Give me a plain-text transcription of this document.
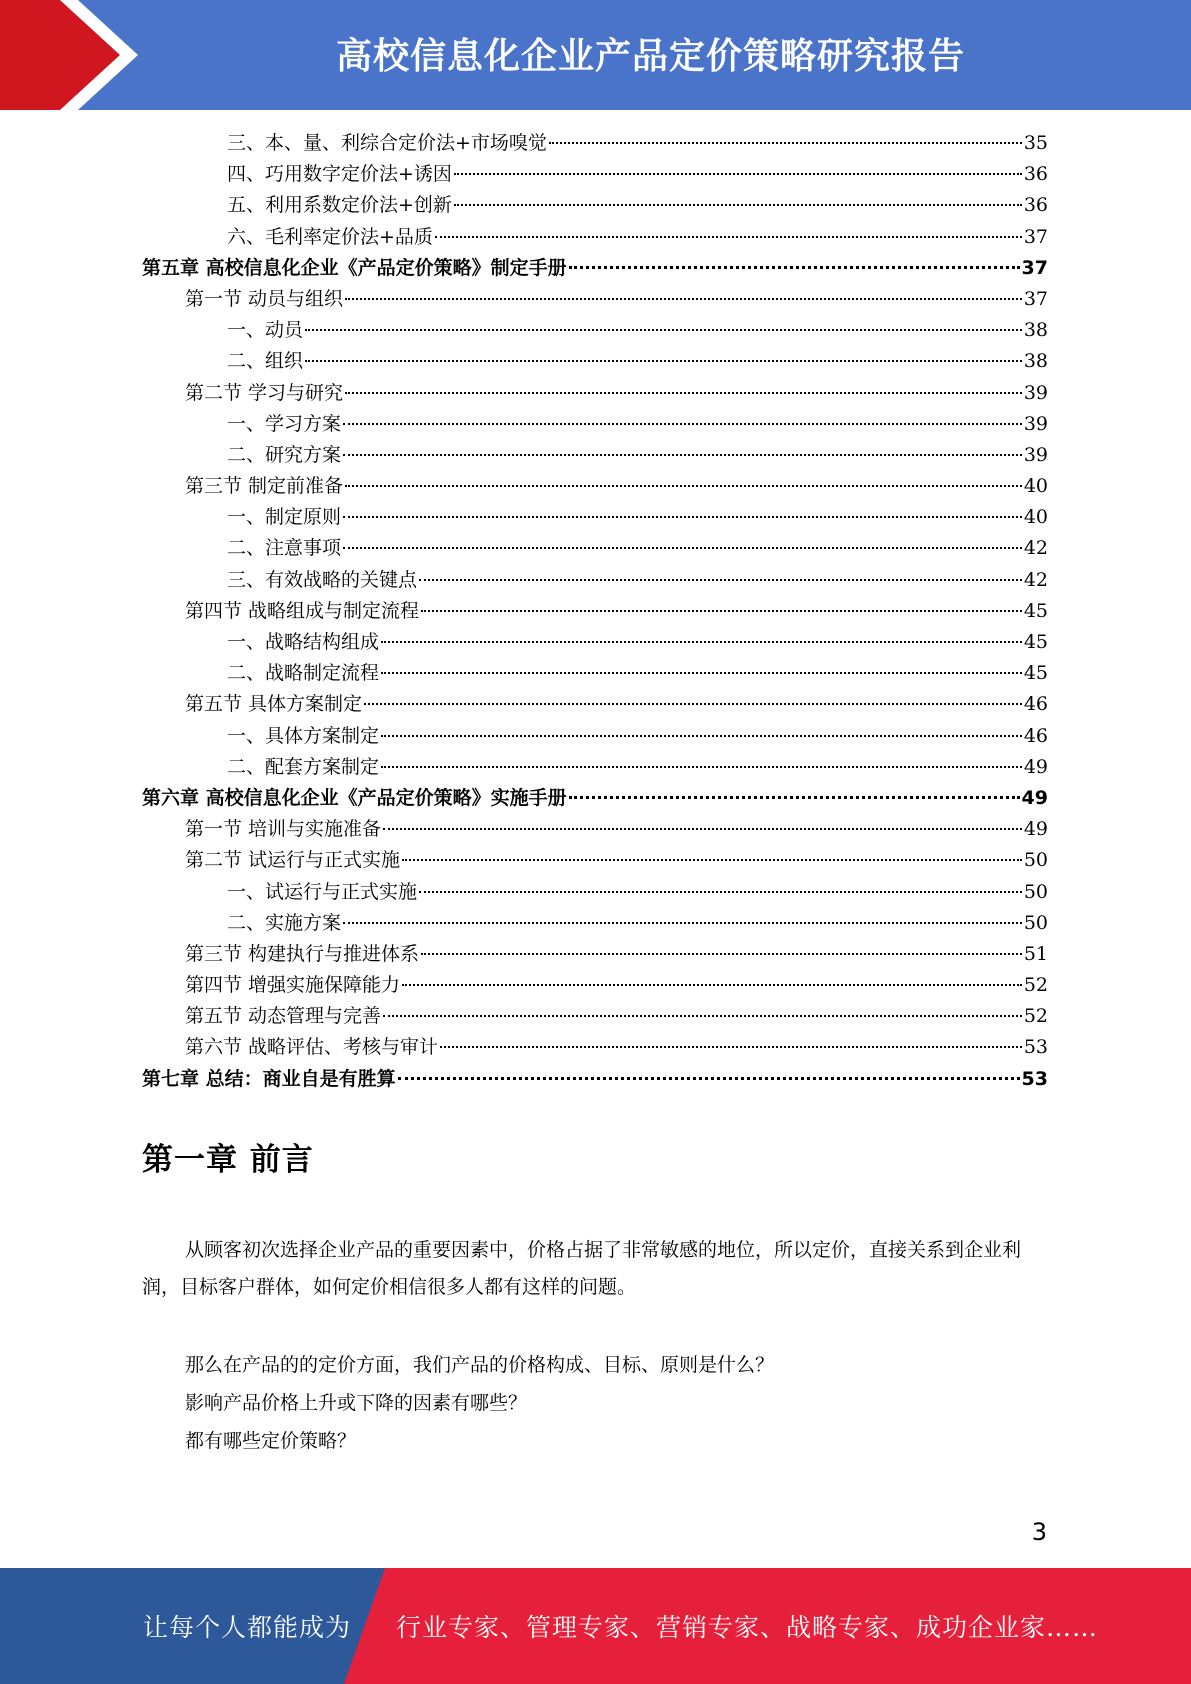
高校信息化企业产品定价策略研究报告
三、本、量、利综合定价法+市场嗅觉	35
四、巧用数字定价法+诱因	36
五、利用系数定价法+创新	36
六、毛利率定价法+品质	37
第五章 高校信息化企业《产品定价策略》制定手册	37
第一节 动员与组织	37
一、动员	38
二、组织	38
第二节 学习与研究	39
一、学习方案	39
二、研究方案	39
第三节 制定前准备	40
一、制定原则	40
二、注意事项	42
三、有效战略的关键点	42
第四节 战略组成与制定流程	45
一、战略结构组成	45
二、战略制定流程	45
第五节 具体方案制定	46
一、具体方案制定	46
二、配套方案制定	49
第六章 高校信息化企业《产品定价策略》实施手册	49
第一节 培训与实施准备	49
第二节 试运行与正式实施	50
一、试运行与正式实施	50
二、实施方案	50
第三节 构建执行与推进体系	51
第四节 增强实施保障能力	52
第五节 动态管理与完善	52
第六节 战略评估、考核与审计	53
第七章 总结：商业自是有胜算	53
第一章 前言
从顾客初次选择企业产品的重要因素中，价格占据了非常敏感的地位，所以定价，直接关系到企业利润，目标客户群体，如何定价相信很多人都有这样的问题。
那么在产品的的定价方面，我们产品的价格构成、目标、原则是什么？
影响产品价格上升或下降的因素有哪些？
都有哪些定价策略？
3
让每个人都能成为 行业专家、管理专家、营销专家、战略专家、成功企业家……
